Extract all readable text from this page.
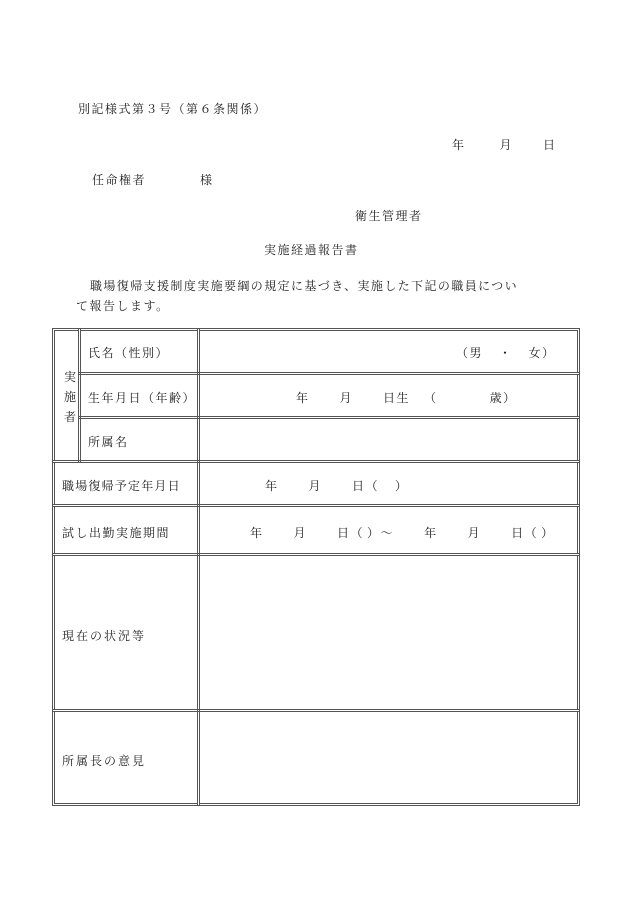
別記様式第３号（第６条関係）
年	月	日
任命権者	様
衛生管理者
実施経過報告書
職場復帰支援制度実施要綱の規定に基づき、実施した下記の職員につい
て報告します。
実
施
者
氏名（性別）	（男 ・ 女）
生年月日（年齢）	年	月	日生 （	歳）
所属名
職場復帰予定年月日	年	月	日（ ）
試し出勤実施期間	年	月	日（ ）〜	年	月	日（ ）
現在の状況等
所属長の意見
